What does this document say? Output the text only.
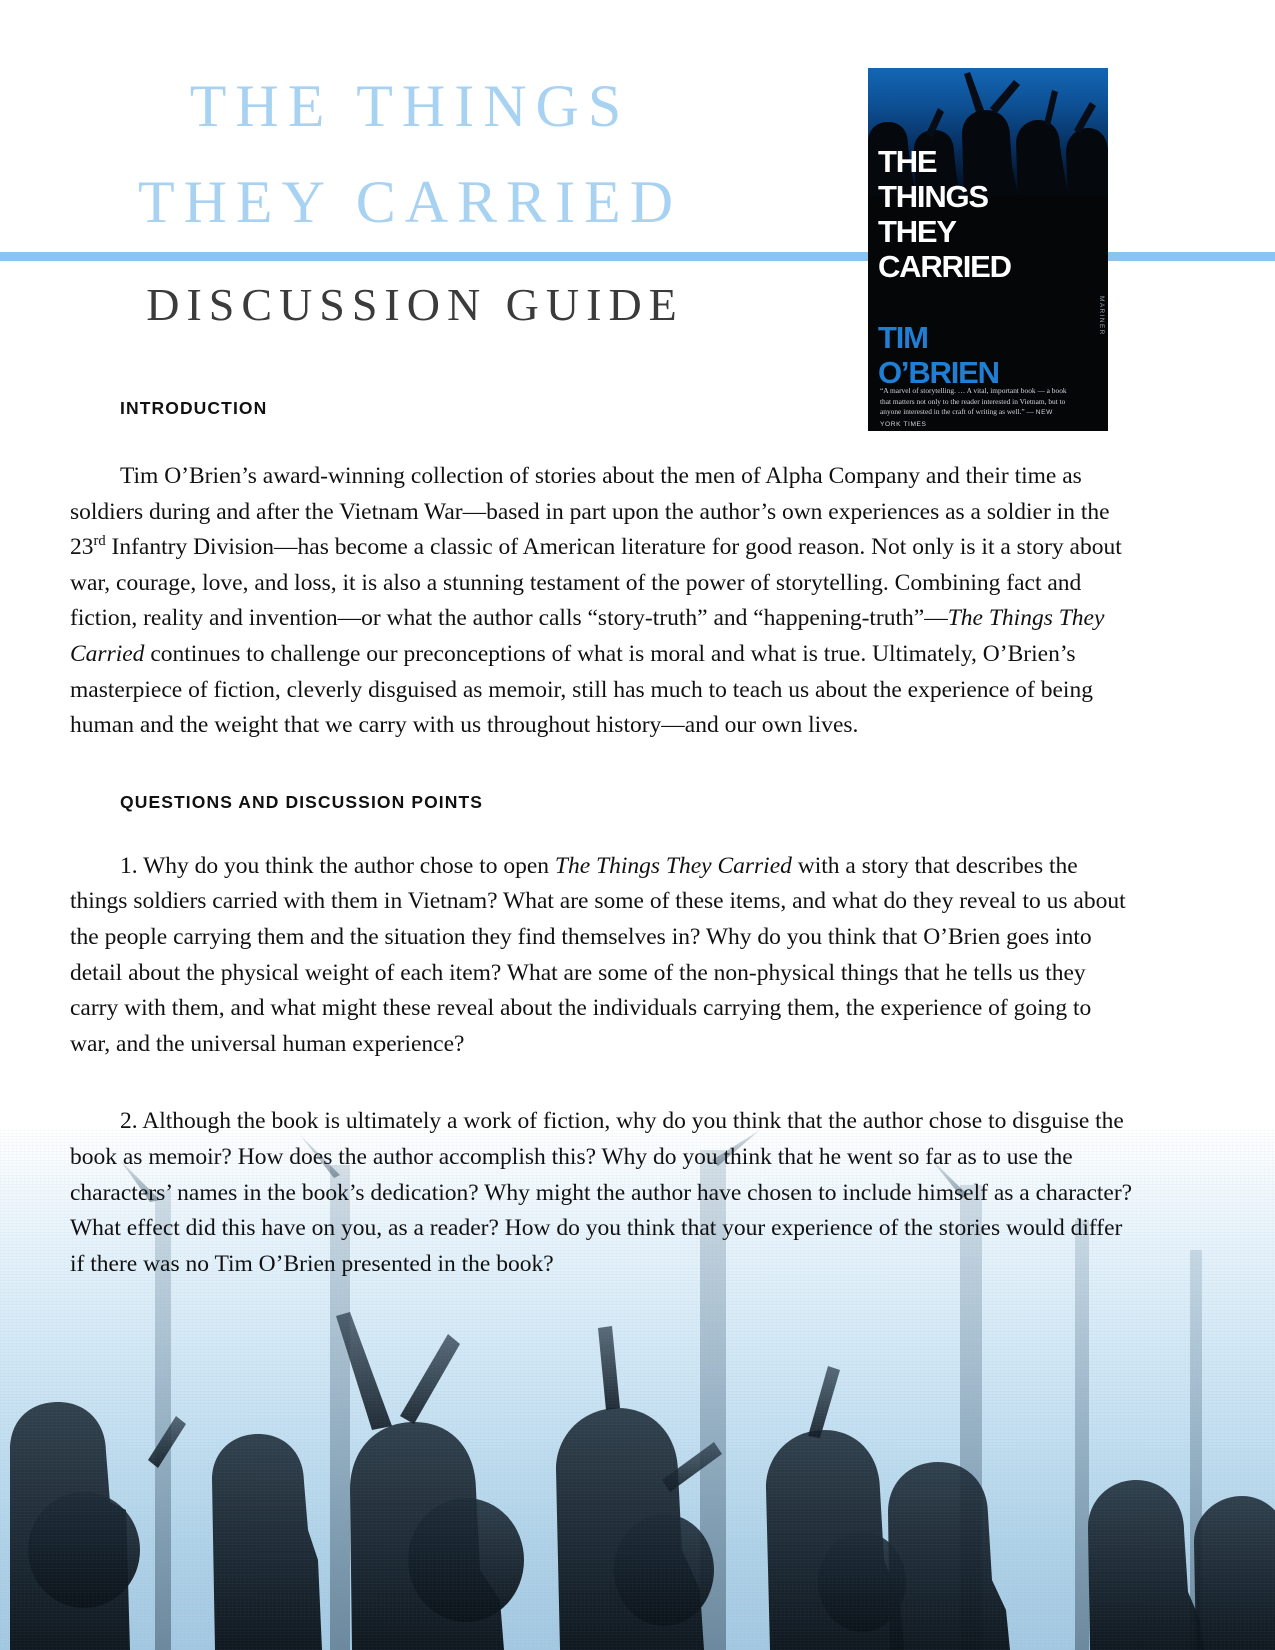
THE THINGS
THEY CARRIED
DISCUSSION GUIDE
THE
THINGS
THEY
CARRIED
TIM
O’BRIEN
“A marvel of storytelling. … A vital, important book — a book that matters not only to the reader interested in Vietnam, but to anyone interested in the craft of writing as well.” — NEW YORK TIMES
MARINER
INTRODUCTION

Tim O’Brien’s award-winning collection of stories about the men of Alpha Company and their time as soldiers during and after the Vietnam War—based in part upon the author’s own experiences as a soldier in the 23rd Infantry Division—has become a classic of American literature for good reason. Not only is it a story about war, courage, love, and loss, it is also a stunning testament of the power of storytelling. Combining fact and fiction, reality and invention—or what the author calls “story-truth” and “happening-truth”—The Things They Carried continues to challenge our preconceptions of what is moral and what is true. Ultimately, O’Brien’s masterpiece of fiction, cleverly disguised as memoir, still has much to teach us about the experience of being human and the weight that we carry with us throughout history—and our own lives.

QUESTIONS AND DISCUSSION POINTS

1. Why do you think the author chose to open The Things They Carried with a story that describes the things soldiers carried with them in Vietnam? What are some of these items, and what do they reveal to us about the people carrying them and the situation they find themselves in? Why do you think that O’Brien goes into detail about the physical weight of each item? What are some of the non-physical things that he tells us they carry with them, and what might these reveal about the individuals carrying them, the experience of going to war, and the universal human experience?

2. Although the book is ultimately a work of fiction, why do you think that the author chose to disguise the book as memoir? How does the author accomplish this? Why do you think that he went so far as to use the characters’ names in the book’s dedication? Why might the author have chosen to include himself as a character? What effect did this have on you, as a reader? How do you think that your experience of the stories would differ if there was no Tim O’Brien presented in the book?
